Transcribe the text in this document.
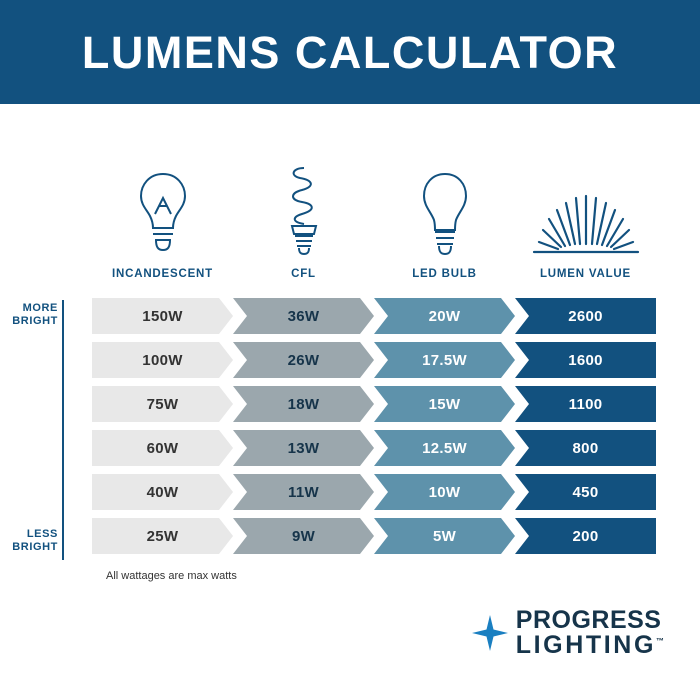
LUMENS CALCULATOR
INCANDESCENT	CFL	LED BULB	LUMEN VALUE
MORE
BRIGHT
LESS
BRIGHT
150W	36W	20W	2600
100W	26W	17.5W	1600
75W	18W	15W	1100
60W	13W	12.5W	800
40W	11W	10W	450
25W	9W	5W	200
All wattages are max watts
PROGRESS
LIGHTING™
